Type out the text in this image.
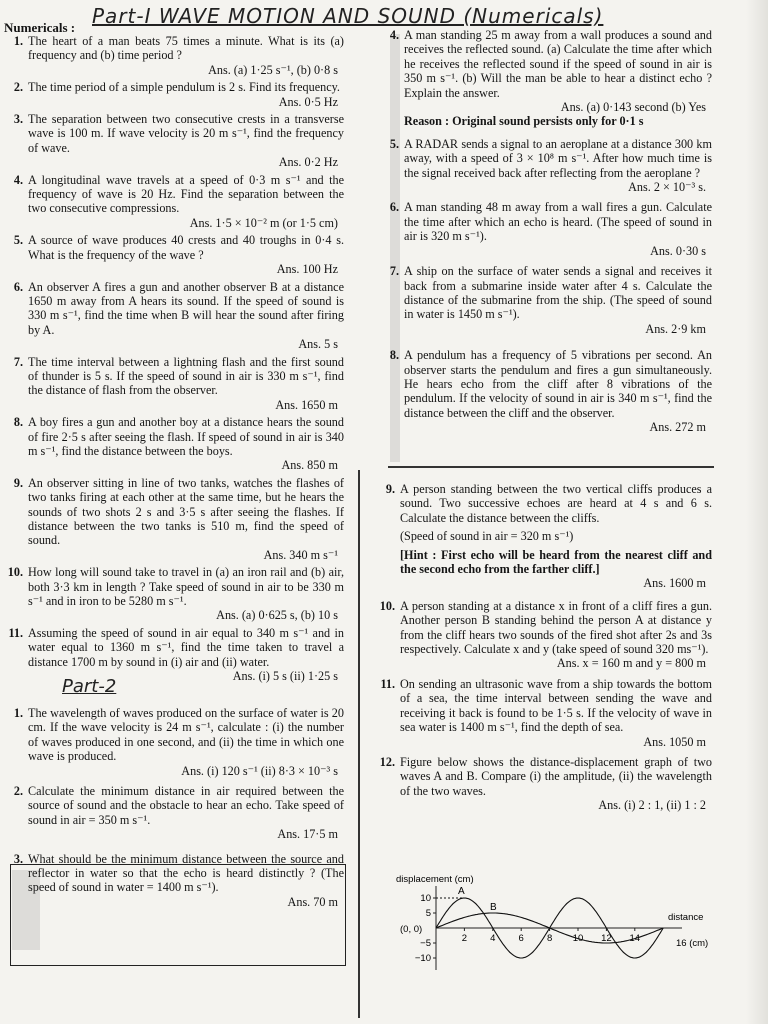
Numericals : Part-I WAVE MOTION AND SOUND (Numericals)
1. The heart of a man beats 75 times a minute. What is its (a) frequency and (b) time period ?
Ans. (a) 1·25 s⁻¹, (b) 0·8 s
2. The time period of a simple pendulum is 2 s. Find its frequency.
Ans. 0·5 Hz
3. The separation between two consecutive crests in a transverse wave is 100 m. If wave velocity is 20 m s⁻¹, find the frequency of wave.
Ans. 0·2 Hz
4. A longitudinal wave travels at a speed of 0·3 m s⁻¹ and the frequency of wave is 20 Hz. Find the separation between the two consecutive compressions.
Ans. 1·5 × 10⁻² m (or 1·5 cm)
5. A source of wave produces 40 crests and 40 troughs in 0·4 s. What is the frequency of the wave ?
Ans. 100 Hz
6. An observer A fires a gun and another observer B at a distance 1650 m away from A hears its sound. If the speed of sound is 330 m s⁻¹, find the time when B will hear the sound after firing by A.
Ans. 5 s
7. The time interval between a lightning flash and the first sound of thunder is 5 s. If the speed of sound in air is 330 m s⁻¹, find the distance of flash from the observer.
Ans. 1650 m
8. A boy fires a gun and another boy at a distance hears the sound of fire 2·5 s after seeing the flash. If speed of sound in air is 340 m s⁻¹, find the distance between the boys.
Ans. 850 m
9. An observer sitting in line of two tanks, watches the flashes of two tanks firing at each other at the same time, but he hears the sounds of two shots 2 s and 3·5 s after seeing the flashes. If distance between the two tanks is 510 m, find the speed of sound.
Ans. 340 m s⁻¹
10. How long will sound take to travel in (a) an iron rail and (b) air, both 3·3 km in length ? Take speed of sound in air to be 330 m s⁻¹ and in iron to be 5280 m s⁻¹.
Ans. (a) 0·625 s, (b) 10 s
11. Assuming the speed of sound in air equal to 340 m s⁻¹ and in water equal to 1360 m s⁻¹, find the time taken to travel a distance 1700 m by sound in (i) air and (ii) water.
Ans. (i) 5 s (ii) 1·25 s
Part-2
1. The wavelength of waves produced on the surface of water is 20 cm. If the wave velocity is 24 m s⁻¹, calculate : (i) the number of waves produced in one second, and (ii) the time in which one wave is produced.
Ans. (i) 120 s⁻¹ (ii) 8·3 × 10⁻³ s
2. Calculate the minimum distance in air required between the source of sound and the obstacle to hear an echo. Take speed of sound in air = 350 m s⁻¹.
Ans. 17·5 m
3. What should be the minimum distance between the source and reflector in water so that the echo is heard distinctly ? (The speed of sound in water = 1400 m s⁻¹).
Ans. 70 m
4. A man standing 25 m away from a wall produces a sound and receives the reflected sound. (a) Calculate the time after which he receives the reflected sound if the speed of sound in air is 350 m s⁻¹. (b) Will the man be able to hear a distinct echo ? Explain the answer.
Ans. (a) 0·143 second (b) Yes
Reason : Original sound persists only for 0·1 s
5. A RADAR sends a signal to an aeroplane at a distance 300 km away, with a speed of 3 × 10⁸ m s⁻¹. After how much time is the signal received back after reflecting from the aeroplane ?
Ans. 2 × 10⁻³ s.
6. A man standing 48 m away from a wall fires a gun. Calculate the time after which an echo is heard. (The speed of sound in air is 320 m s⁻¹).
Ans. 0·30 s
7. A ship on the surface of water sends a signal and receives it back from a submarine inside water after 4 s. Calculate the distance of the submarine from the ship. (The speed of sound in water is 1450 m s⁻¹).
Ans. 2·9 km
8. A pendulum has a frequency of 5 vibrations per second. An observer starts the pendulum and fires a gun simultaneously. He hears echo from the cliff after 8 vibrations of the pendulum. If the velocity of sound in air is 340 m s⁻¹, find the distance between the cliff and the observer.
Ans. 272 m
9. A person standing between the two vertical cliffs produces a sound. Two successive echoes are heard at 4 s and 6 s. Calculate the distance between the cliffs.
(Speed of sound in air = 320 m s⁻¹)
[Hint : First echo will be heard from the nearest cliff and the second echo from the farther cliff.]
Ans. 1600 m
10. A person standing at a distance x in front of a cliff fires a gun. Another person B standing behind the person A at distance y from the cliff hears two sounds of the fired shot after 2s and 3s respectively. Calculate x and y (take speed of sound 320 ms⁻¹).
Ans. x = 160 m and y = 800 m
11. On sending an ultrasonic wave from a ship towards the bottom of a sea, the time interval between sending the wave and receiving it back is found to be 1·5 s. If the velocity of wave in sea water is 1400 m s⁻¹, find the depth of sea.
Ans. 1050 m
12. Figure below shows the distance-displacement graph of two waves A and B. Compare (i) the amplitude, (ii) the wavelength of the two waves.
Ans. (i) 2 : 1, (ii) 1 : 2
displacement (cm)
10
5
−5
−10
2 4 6 8 10 12 14
A
B
(0, 0)
distance
16 (cm)
